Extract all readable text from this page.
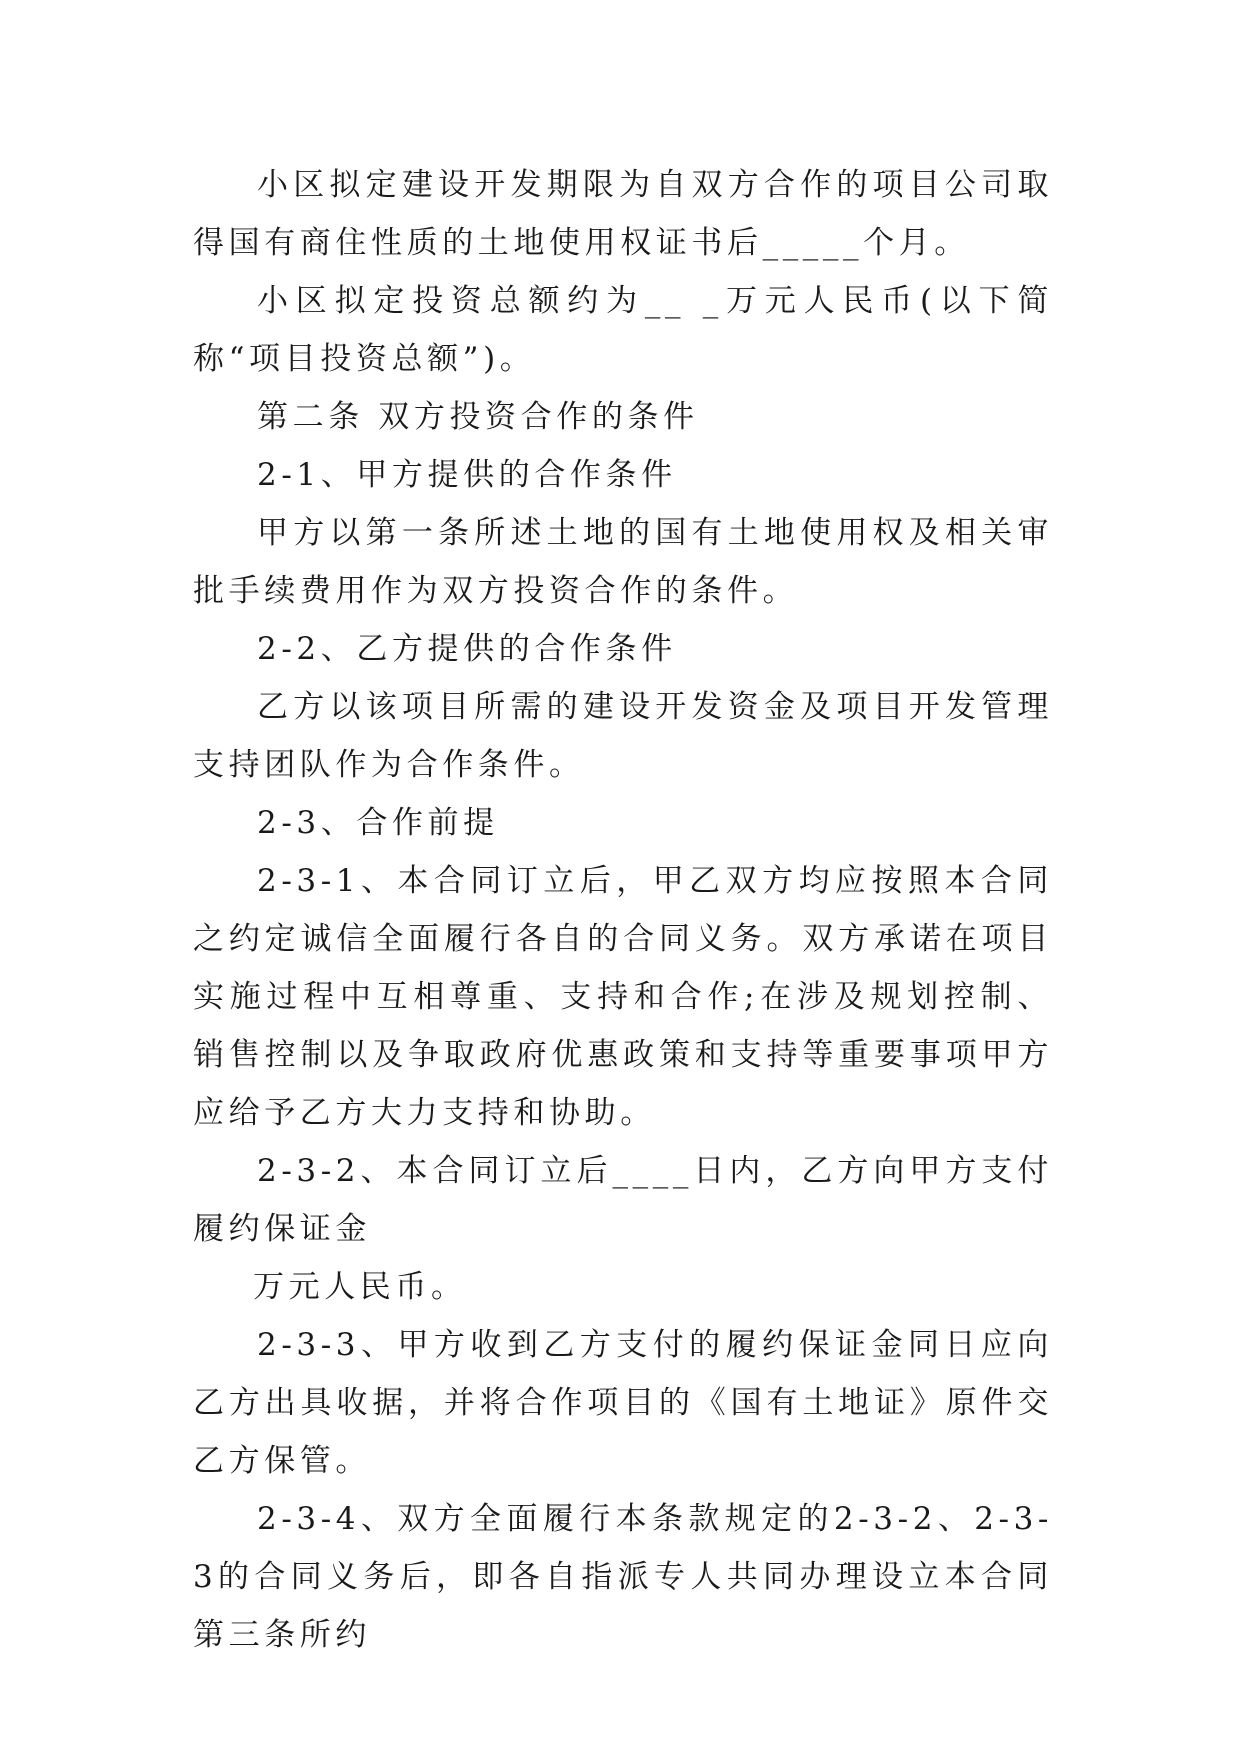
小区拟定建设开发期限为自双方合作的项目公司取得国有商住性质的土地使用权证书后_____个月。

小区拟定投资总额约为__ _万元人民币(以下简称“项目投资总额”)。

第二条 双方投资合作的条件

2-1、甲方提供的合作条件

甲方以第一条所述土地的国有土地使用权及相关审批手续费用作为双方投资合作的条件。

2-2、乙方提供的合作条件

乙方以该项目所需的建设开发资金及项目开发管理支持团队作为合作条件。

2-3、合作前提

2-3-1、本合同订立后，甲乙双方均应按照本合同之约定诚信全面履行各自的合同义务。双方承诺在项目实施过程中互相尊重、支持和合作;在涉及规划控制、销售控制以及争取政府优惠政策和支持等重要事项甲方应给予乙方大力支持和协助。

2-3-2、本合同订立后____日内，乙方向甲方支付履约保证金

万元人民币。

2-3-3、甲方收到乙方支付的履约保证金同日应向乙方出具收据，并将合作项目的《国有土地证》原件交乙方保管。

2-3-4、双方全面履行本条款规定的2-3-2、2-3-3的合同义务后，即各自指派专人共同办理设立本合同第三条所约
